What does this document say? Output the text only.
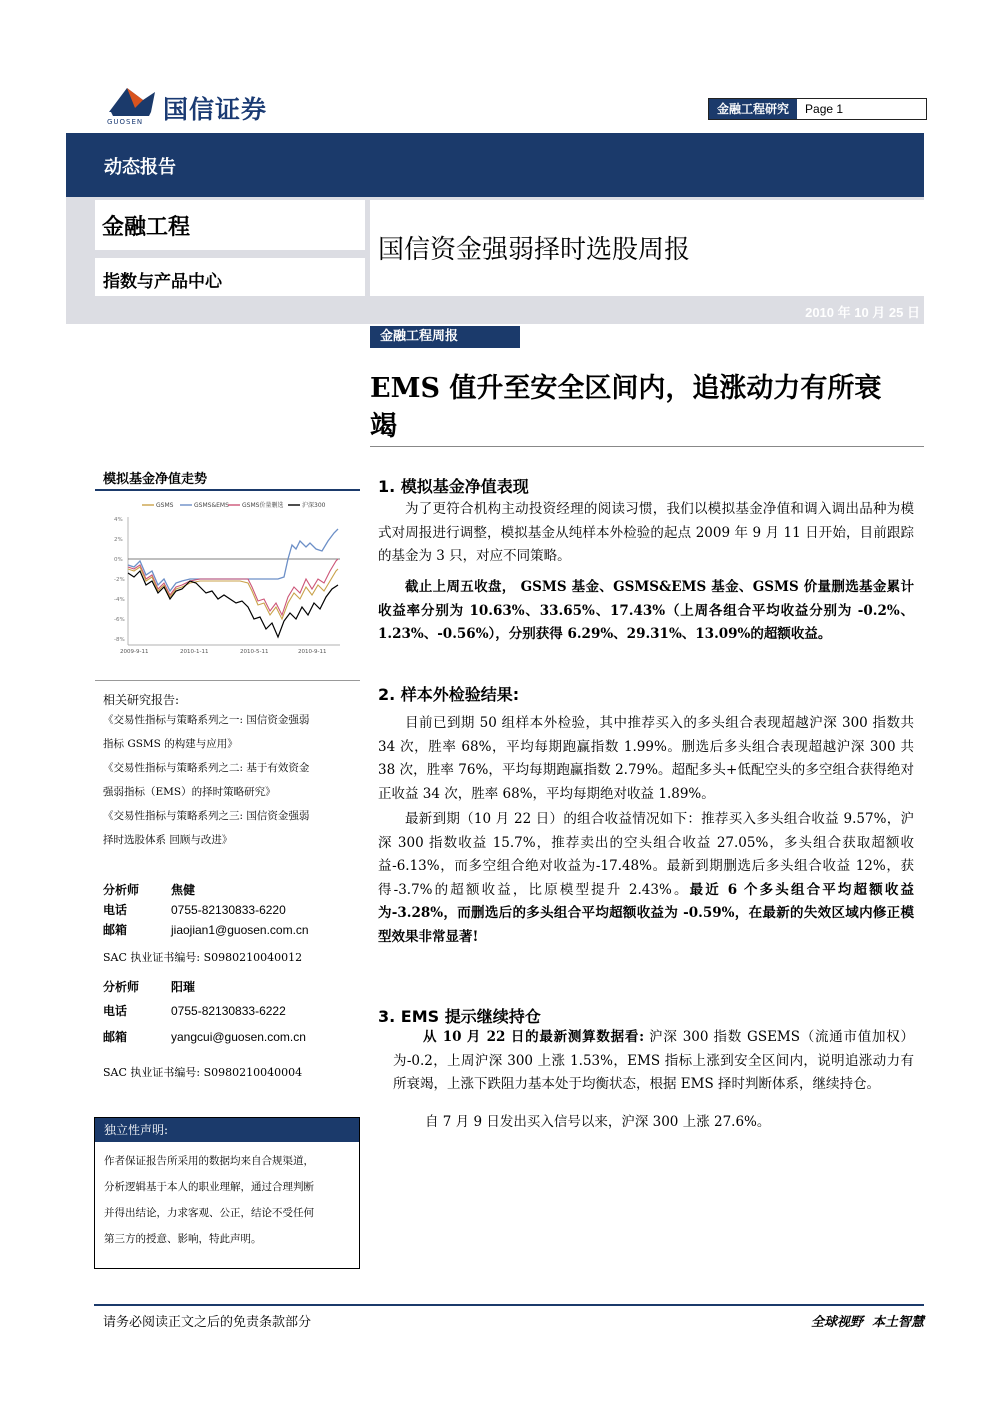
国信证券
GUOSEN
金融工程研究	Page 1
动态报告
金融工程
指数与产品中心
国信资金强弱择时选股周报
2010 年 10 月 25 日
金融工程周报
EMS 值升至安全区间内，追涨动力有所衰
竭
模拟基金净值走势
GSMS	GSMS&EMS GSMS价量删选	沪深300
4%
2%
0%
-2%
-4%
-6%
-8%
2009-9-11	2010-1-11	2010-5-11	2010-9-11
相关研究报告:
《交易性指标与策略系列之一: 国信资金强弱
指标 GSMS 的构建与应用》
《交易性指标与策略系列之二: 基于有效资金
强弱指标（EMS）的择时策略研究》
《交易性指标与策略系列之三: 国信资金强弱
择时选股体系 回顾与改进》
分析师	焦健
电话	0755-82130833-6220
邮箱	jiaojian1@guosen.com.cn
SAC 执业证书编号: S0980210040012
分析师	阳璀
电话	0755-82130833-6222
邮箱	yangcui@guosen.com.cn
SAC 执业证书编号: S0980210040004
独立性声明:
作者保证报告所采用的数据均来自合规渠道，
分析逻辑基于本人的职业理解，通过合理判断
并得出结论，力求客观、公正，结论不受任何
第三方的授意、影响，特此声明。
1. 模拟基金净值表现
为了更符合机构主动投资经理的阅读习惯，我们以模拟基金净值和调入调出品种为模式对周报进行调整，模拟基金从纯样本外检验的起点 2009 年 9 月 11 日开始，目前跟踪的基金为 3 只，对应不同策略。
截止上周五收盘， GSMS 基金、GSMS&EMS 基金、GSMS 价量删选基金累计收益率分别为 10.63%、33.65%、17.43%（上周各组合平均收益分别为 -0.2%、1.23%、-0.56%），分别获得 6.29%、29.31%、13.09%的超额收益。
2. 样本外检验结果:
目前已到期 50 组样本外检验，其中推荐买入的多头组合表现超越沪深 300 指数共 34 次，胜率 68%，平均每期跑赢指数 1.99%。删选后多头组合表现超越沪深 300 共 38 次，胜率 76%，平均每期跑赢指数 2.79%。超配多头+低配空头的多空组合获得绝对正收益 34 次，胜率 68%，平均每期绝对收益 1.89%。
最新到期（10 月 22 日）的组合收益情况如下：推荐买入多头组合收益 9.57%，沪深 300 指数收益 15.7%，推荐卖出的空头组合收益 27.05%，多头组合获取超额收益-6.13%，而多空组合绝对收益为-17.48%。最新到期删选后多头组合收益 12%，获得-3.7%的超额收益，比原模型提升 2.43%。最近 6 个多头组合平均超额收益为-3.28%，而删选后的多头组合平均超额收益为 -0.59%，在最新的失效区域内修正模型效果非常显著!
3. EMS 提示继续持仓
从 10 月 22 日的最新测算数据看: 沪深 300 指数 GSEMS（流通市值加权）为-0.2，上周沪深 300 上涨 1.53%，EMS 指标上涨到安全区间内，说明追涨动力有所衰竭，上涨下跌阻力基本处于均衡状态，根据 EMS 择时判断体系，继续持仓。
自 7 月 9 日发出买入信号以来，沪深 300 上涨 27.6%。
请务必阅读正文之后的免责条款部分	全球视野  本土智慧
